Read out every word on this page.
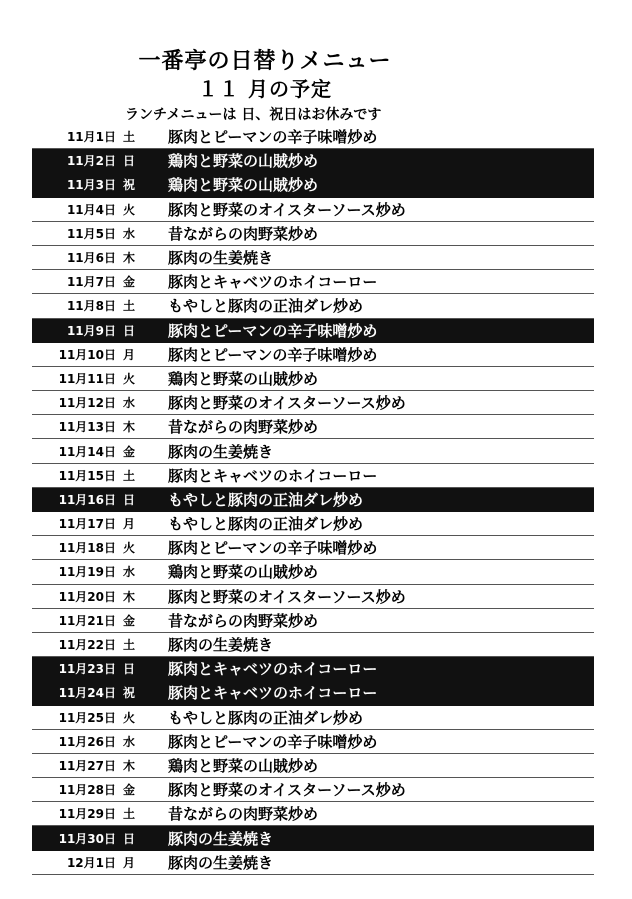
一番亭の日替りメニュー
１１ 月の予定
ランチメニューは 日、祝日はお休みです
11月1日 土	豚肉とピーマンの辛子味噌炒め
11月2日 日	鶏肉と野菜の山賊炒め
11月3日 祝	鶏肉と野菜の山賊炒め
11月4日 火	豚肉と野菜のオイスターソース炒め
11月5日 水	昔ながらの肉野菜炒め
11月6日 木	豚肉の生姜焼き
11月7日 金	豚肉とキャベツのホイコーロー
11月8日 土	もやしと豚肉の正油ダレ炒め
11月9日 日	豚肉とピーマンの辛子味噌炒め
11月10日 月	豚肉とピーマンの辛子味噌炒め
11月11日 火	鶏肉と野菜の山賊炒め
11月12日 水	豚肉と野菜のオイスターソース炒め
11月13日 木	昔ながらの肉野菜炒め
11月14日 金	豚肉の生姜焼き
11月15日 土	豚肉とキャベツのホイコーロー
11月16日 日	もやしと豚肉の正油ダレ炒め
11月17日 月	もやしと豚肉の正油ダレ炒め
11月18日 火	豚肉とピーマンの辛子味噌炒め
11月19日 水	鶏肉と野菜の山賊炒め
11月20日 木	豚肉と野菜のオイスターソース炒め
11月21日 金	昔ながらの肉野菜炒め
11月22日 土	豚肉の生姜焼き
11月23日 日	豚肉とキャベツのホイコーロー
11月24日 祝	豚肉とキャベツのホイコーロー
11月25日 火	もやしと豚肉の正油ダレ炒め
11月26日 水	豚肉とピーマンの辛子味噌炒め
11月27日 木	鶏肉と野菜の山賊炒め
11月28日 金	豚肉と野菜のオイスターソース炒め
11月29日 土	昔ながらの肉野菜炒め
11月30日 日	豚肉の生姜焼き
12月1日 月	豚肉の生姜焼き
